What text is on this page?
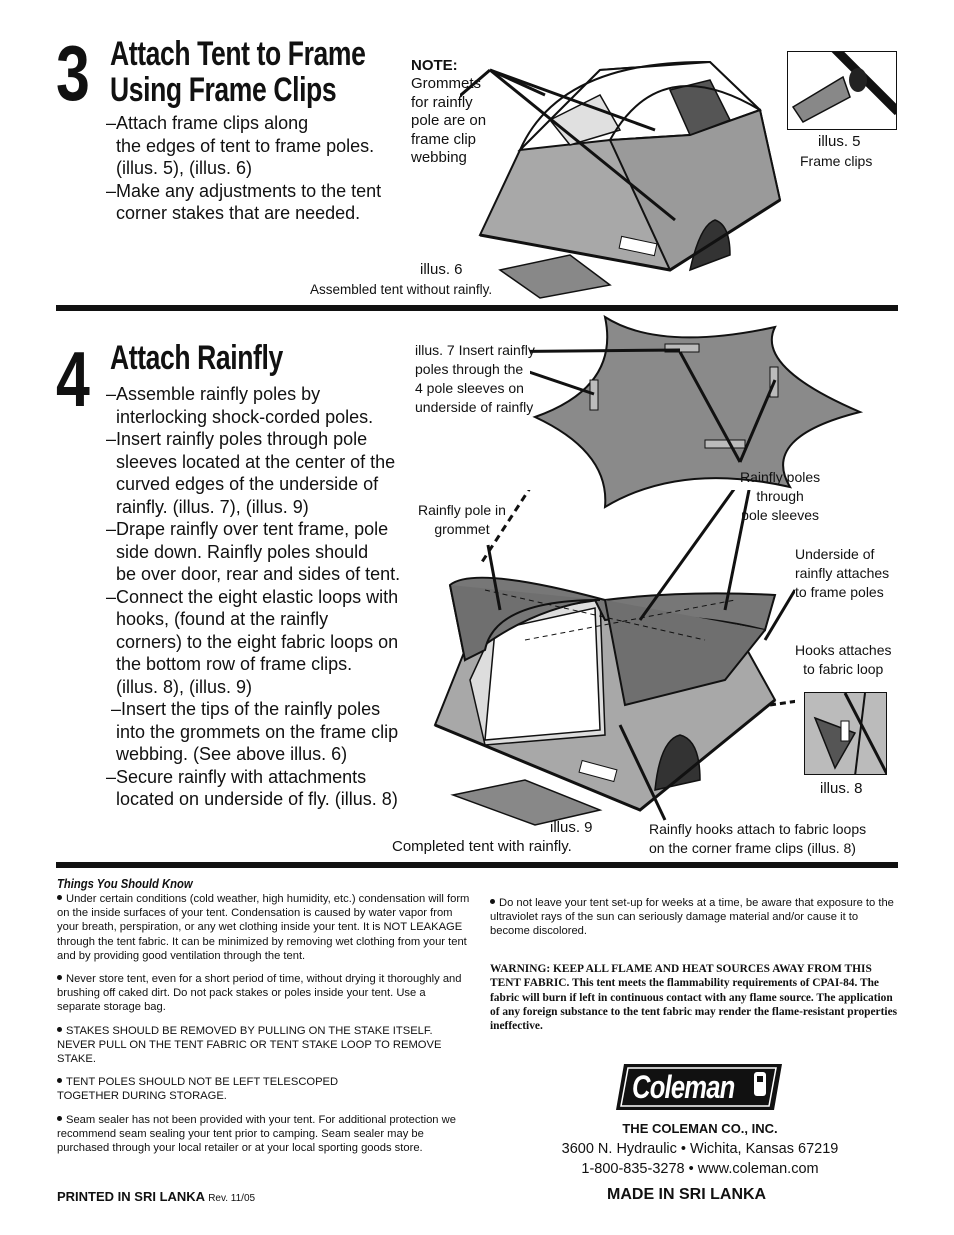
3 Attach Tent to Frame
Using Frame Clips
–Attach frame clips along
the edges of tent to frame poles.
(illus. 5), (illus. 6)
–Make any adjustments to the tent
corner stakes that are needed.
NOTE:
Grommets
for rainfly
pole are on
frame clip
webbing
illus. 6
Assembled tent without rainfly.
illus. 5
Frame clips
4 Attach Rainfly
–Assemble rainfly poles by
interlocking shock-corded poles.
–Insert rainfly poles through pole
sleeves located at the center of the
curved edges of the underside of
rainfly. (illus. 7), (illus. 9)
–Drape rainfly over tent frame, pole
side down. Rainfly poles should
be over door, rear and sides of tent.
–Connect the eight elastic loops with
hooks, (found at the rainfly
corners) to the eight fabric loops on
the bottom row of frame clips.
(illus. 8), (illus. 9)
–Insert the tips of the rainfly poles
into the grommets on the frame clip
webbing. (See above illus. 6)
–Secure rainfly with attachments
located on underside of fly. (illus. 8)
illus. 7 Insert rainfly
poles through the
4 pole sleeves on
underside of rainfly
Rainfly poles
through
pole sleeves
Rainfly pole in
grommet
Underside of
rainfly attaches
to frame poles
Hooks attaches
to fabric loop
illus. 8
illus. 9
Completed tent with rainfly.
Rainfly hooks attach to fabric loops
on the corner frame clips (illus. 8)
Things You Should Know

Under certain conditions (cold weather, high humidity, etc.) condensation will form on the inside surfaces of your tent. Condensation is caused by water vapor from your breath, perspiration, or any wet clothing inside your tent. It is NOT LEAKAGE through the tent fabric. It can be minimized by removing wet clothing from your tent and by providing good ventilation through the tent.

Never store tent, even for a short period of time, without drying it thoroughly and brushing off caked dirt. Do not pack stakes or poles inside your tent. Use a separate storage bag.

STAKES SHOULD BE REMOVED BY PULLING ON THE STAKE ITSELF. NEVER PULL ON THE TENT FABRIC OR TENT STAKE LOOP TO REMOVE STAKE.

TENT POLES SHOULD NOT BE LEFT TELESCOPED TOGETHER DURING STORAGE.

Seam sealer has not been provided with your tent. For additional protection we recommend seam sealing your tent prior to camping. Seam sealer may be purchased through your local retailer or at your local sporting goods store.

Do not leave your tent set-up for weeks at a time, be aware that exposure to the ultraviolet rays of the sun can seriously damage material and/or cause it to become discolored.
WARNING: KEEP ALL FLAME AND HEAT SOURCES AWAY FROM THIS TENT FABRIC. This tent meets the flammability requirements of CPAI-84. The fabric will burn if left in continuous contact with any flame source. The application of any foreign substance to the tent fabric may render the flame-resistant properties ineffective.
Coleman
THE COLEMAN CO., INC.
3600 N. Hydraulic • Wichita, Kansas 67219
1-800-835-3278 • www.coleman.com
MADE IN SRI LANKA
PRINTED IN SRI LANKA Rev. 11/05
